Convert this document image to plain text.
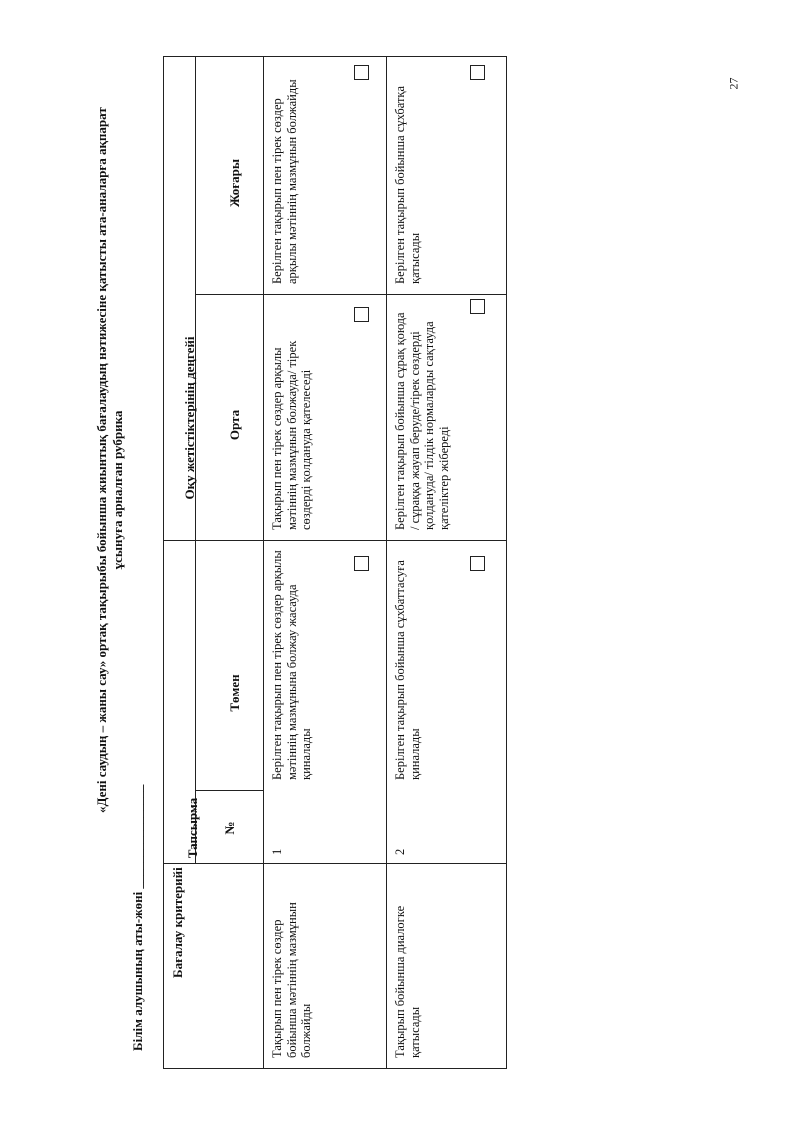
27
«Дені саудың – жаны сау» ортақ тақырыбы бойынша жиынтық бағалаудың нәтижесіне қатысты ата-аналарға ақпарат ұсынуға арналған рубрика
Білім алушының аты-жөні ________________ Бағалау критерийі
Тапсырма №
Оқу жетістіктерінің деңгейі
Төмен
Орта
Жоғары
Тақырып пен тірек сөздер бойынша мәтіннің мазмұнын болжайды
1
Берілген тақырып пен тірек сөздер арқылы мәтіннің мазмұнына болжау жасауда қиналады
Тақырып пен тірек сөздер арқылы мәтіннің мазмұнын болжауда/ тірек сөздерді қолдануда қателеседі
Берілген тақырып пен тірек сөздер арқылы мәтіннің мазмұнын болжайды
Тақырып бойынша диалогке қатысады
2
Берілген тақырып бойынша сұхбаттасуға қиналады
Берілген тақырып бойынша сұрақ қоюда / сұраққа жауап беруде/тірек сөздерді қолдануда/ тілдік нормаларды сақтауда қателіктер жібереді
Берілген тақырып бойынша сұхбатқа қатысады
